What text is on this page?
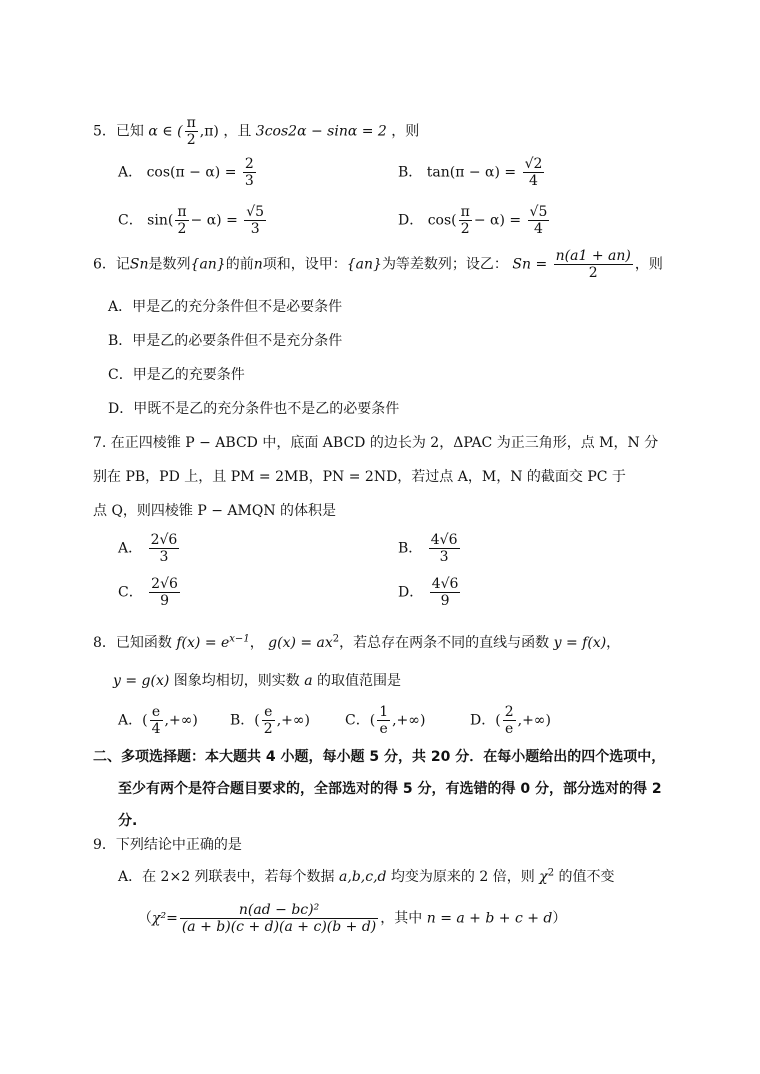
5．已知 α ∈ ( $\frac{\pi}{2} ,\pi$) ，且 3cos2α − sinα = 2 ，则
A． $\cos(\pi - \alpha) = \frac{2}{3}$	B． $\tan(\pi - \alpha) = \frac{√2}{4}$
C． $\sin( \frac{\pi}{2} - \alpha) = \frac{√5}{3}$	D． $\cos( \frac{\pi}{2} - \alpha) = \frac{√5}{4}$
6．记Sn是数列{an}的前n项和，设甲：{an}为等差数列；设乙： $Sn = \frac{n(a1 + an)}{2}$ ，则
A．甲是乙的充分条件但不是必要条件
B．甲是乙的必要条件但不是充分条件
C．甲是乙的充要条件
D．甲既不是乙的充分条件也不是乙的必要条件
7. 在正四棱锥 P − ABCD 中，底面 ABCD 的边长为 2，ΔPAC 为正三角形，点 M，N 分
别在 PB，PD 上，且 PM = 2MB，PN = 2ND，若过点 A，M，N 的截面交 PC 于
点 Q，则四棱锥 P − AMQN 的体积是
A． $\frac{2√6}{3}$	B． $\frac{4√6}{3}$
C． $\frac{2√6}{9}$	D． $\frac{4√6}{9}$
8．已知函数 $f(x) = e^{x-1}$， $g(x) = ax^2$，若总存在两条不同的直线与函数 y = f(x)，
y = g(x) 图象均相切，则实数 a 的取值范围是
A．( $\frac{e}{4}$ ,+∞) B．( $\frac{e}{2}$ ,+∞)	C．( $\frac{1}{e}$ ,+∞)	D．( $\frac{2}{e}$ ,+∞)
二、多项选择题：本大题共 4 小题，每小题 5 分，共 20 分．在每小题给出的四个选项中，
至少有两个是符合题目要求的，全部选对的得 5 分，有选错的得 0 分，部分选对的得 2
分.
9．下列结论中正确的是
A．在 2×2 列联表中，若每个数据 a,b,c,d 均变为原来的 2 倍，则 $\chi^2$ 的值不变
（$\chi^2= \frac{\text{n(ad − bc)²}}{(a + b)(c + d)(a + c)(b + d)}$ ，其中 n = a + b + c + d）
